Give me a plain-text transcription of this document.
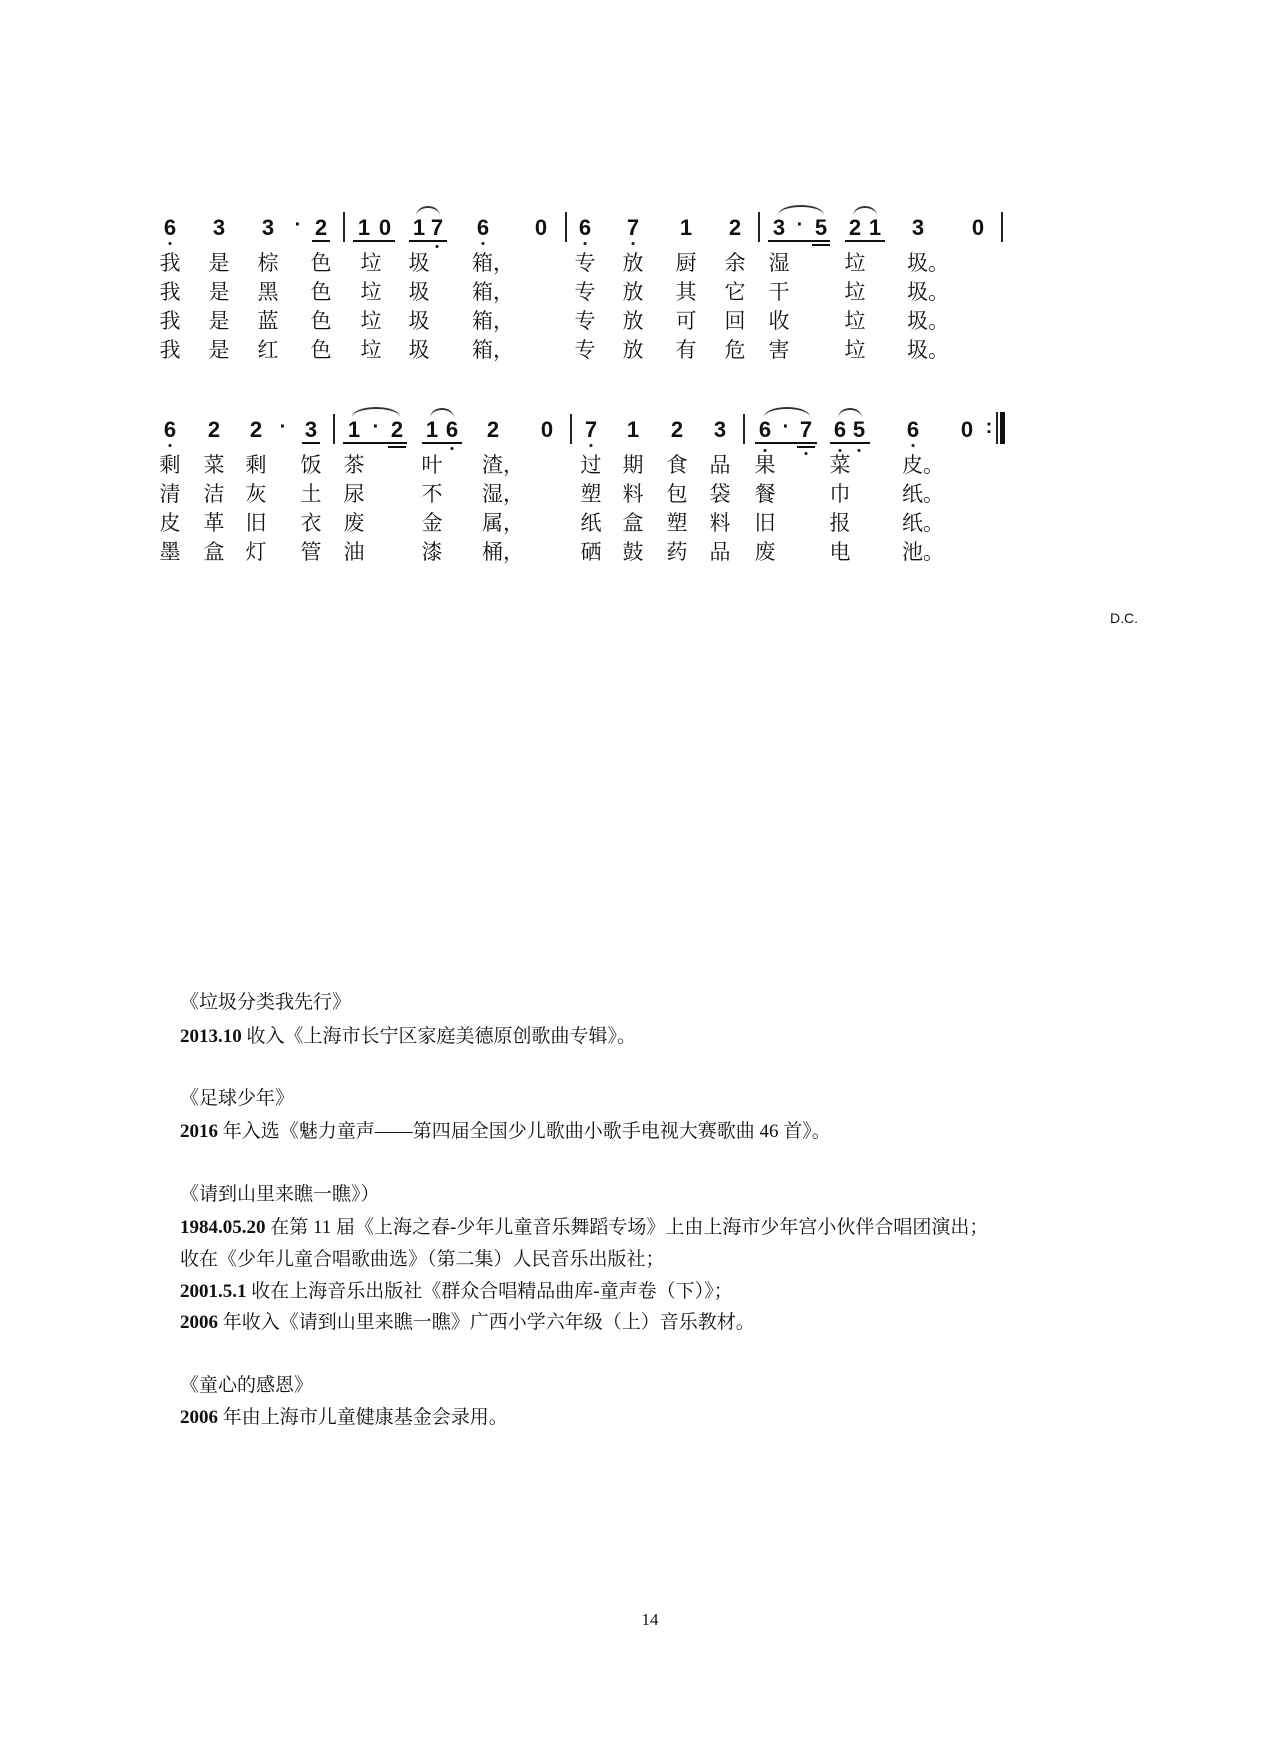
6 3 3 · 2 1 0 1 7 6 0 6 7 1 2 3 · 5 2 1 3 0
我 是 棕 色 垃 圾 箱，	专 放 厨 余 湿	垃 圾。
我 是 黑 色 垃 圾 箱，	专 放 其 它 干	垃 圾。
我 是 蓝 色 垃 圾 箱，	专 放 可 回 收	垃 圾。
我 是 红 色 垃 圾 箱，	专 放 有 危 害	垃 圾。
6 2 2 · 3 1 · 2 1 6 2 0 7 1 2 3 6 · 7 6 5 6 0 :
剩 菜 剩 饭 茶	叶 渣，	过 期 食 品 果	菜 皮。
清 洁 灰 土 尿	不 湿，	塑 料 包 袋 餐	巾 纸。
皮 革 旧 衣 废	金 属，	纸 盒 塑 料 旧	报 纸。
墨 盒 灯 管 油	漆 桶，	硒 鼓 药 品 废	电 池。
D.C.
《垃圾分类我先行》
2013.10 收入《上海市长宁区家庭美德原创歌曲专辑》。
《足球少年》
2016 年入选《魅力童声——第四届全国少儿歌曲小歌手电视大赛歌曲 46 首》。
《请到山里来瞧一瞧》）
1984.05.20 在第 11 届《上海之春-少年儿童音乐舞蹈专场》上由上海市少年宫小伙伴合唱团演出；
收在《少年儿童合唱歌曲选》（第二集）人民音乐出版社；
2001.5.1 收在上海音乐出版社《群众合唱精品曲库-童声卷（下）》；
2006 年收入《请到山里来瞧一瞧》广西小学六年级（上）音乐教材。
《童心的感恩》
2006 年由上海市儿童健康基金会录用。
14
